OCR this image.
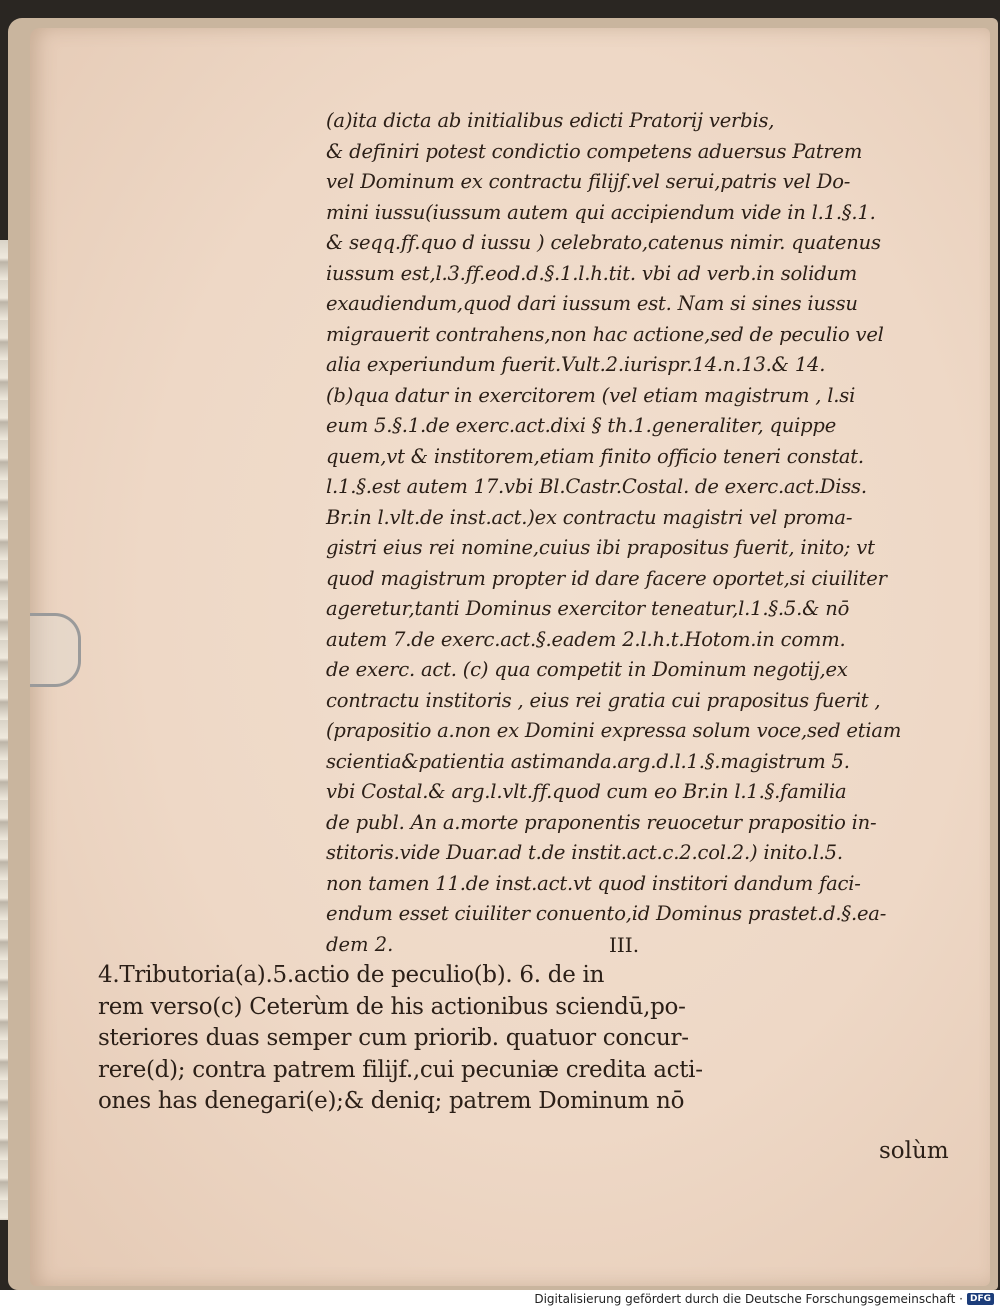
(a)ita dicta ab initialibus edicti Pratorij verbis,
& definiri potest condictio competens aduersus Patrem
vel Dominum ex contractu filijf.vel serui,patris vel Do-
mini iussu(iussum autem qui accipiendum vide in l.1.§.1.
& seqq.ff.quo d iussu ) celebrato,catenus nimir. quatenus
iussum est,l.3.ff.eod.d.§.1.l.h.tit. vbi ad verb.in solidum
exaudiendum,quod dari iussum est. Nam si sines iussu
migrauerit contrahens,non hac actione,sed de peculio vel
alia experiundum fuerit.Vult.2.iurispr.14.n.13.& 14.
(b)qua datur in exercitorem (vel etiam magistrum , l.si
eum 5.§.1.de exerc.act.dixi § th.1.generaliter, quippe
quem,vt & institorem,etiam finito officio teneri constat.
l.1.§.est autem 17.vbi Bl.Castr.Costal. de exerc.act.Diss.
Br.in l.vlt.de inst.act.)ex contractu magistri vel proma-
gistri eius rei nomine,cuius ibi prapositus fuerit, inito; vt
quod magistrum propter id dare facere oportet,si ciuiliter
ageretur,tanti Dominus exercitor teneatur,l.1.§.5.& nō
autem 7.de exerc.act.§.eadem 2.l.h.t.Hotom.in comm.
de exerc. act. (c) qua competit in Dominum negotij,ex
contractu institoris , eius rei gratia cui prapositus fuerit ,
(prapositio a.non ex Domini expressa solum voce,sed etiam
scientia&patientia astimanda.arg.d.l.1.§.magistrum 5.
vbi Costal.& arg.l.vlt.ff.quod cum eo Br.in l.1.§.familia
de publ. An a.morte praponentis reuocetur prapositio in-
stitoris.vide Duar.ad t.de instit.act.c.2.col.2.) inito.l.5.
non tamen 11.de inst.act.vt quod institori dandum faci-
endum esset ciuiliter conuento,id Dominus prastet.d.§.ea-
dem 2.	III.
4.Tributoria(a).5.actio de peculio(b). 6. de in
rem verso(c) Ceterùm de his actionibus sciendū,po-
steriores duas semper cum priorib. quatuor concur-
rere(d); contra patrem filijf.,cui pecuniæ credita acti-
ones has denegari(e);& deniq; patrem Dominum nō
solùm
Digitalisierung gefördert durch die Deutsche Forschungsgemeinschaft · DFG
